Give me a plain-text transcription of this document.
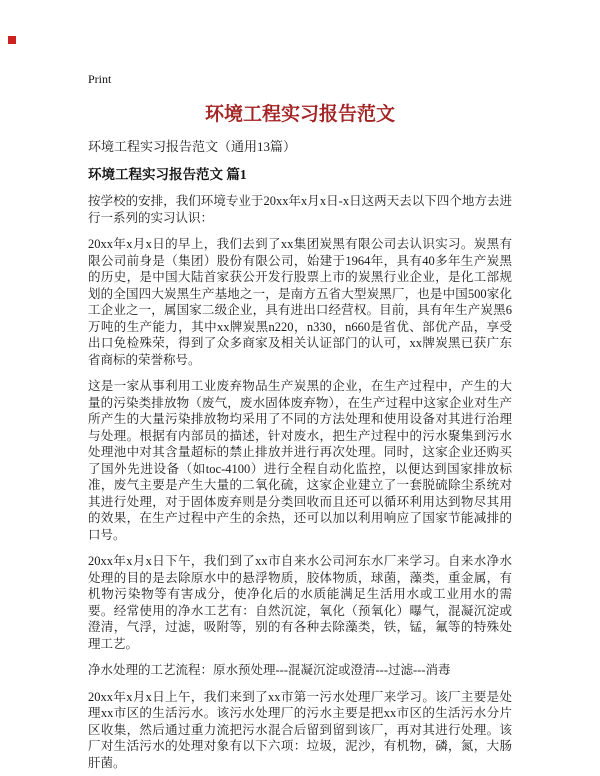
Print
环境工程实习报告范文
环境工程实习报告范文（通用13篇）
环境工程实习报告范文 篇1

按学校的安排，我们环境专业于20xx年x月x日-x日这两天去以下四个地方去进行一系列的实习认识：

20xx年x月x日的早上，我们去到了xx集团炭黑有限公司去认识实习。炭黑有限公司前身是（集团）股份有限公司，始建于1964年，具有40多年生产炭黑的历史，是中国大陆首家获公开发行股票上市的炭黑行业企业，是化工部规划的全国四大炭黑生产基地之一，是南方五省大型炭黑厂，也是中国500家化工企业之一，属国家二级企业，具有进出口经营权。目前，具有年生产炭黑6万吨的生产能力，其中xx牌炭黑n220，n330，n660是省优、部优产品，享受出口免检殊荣，得到了众多商家及相关认证部门的认可，xx牌炭黑已获广东省商标的荣誉称号。

这是一家从事利用工业废弃物品生产炭黑的企业，在生产过程中，产生的大量的污染类排放物（废气，废水固体废弃物），在生产过程中这家企业对生产所产生的大量污染排放物均采用了不同的方法处理和使用设备对其进行治理与处理。根据有内部员的描述，针对废水，把生产过程中的污水聚集到污水处理池中对其含量超标的禁止排放并进行再次处理。同时，这家企业还购买了国外先进设备（如toc-4100）进行全程自动化监控，以便达到国家排放标准，废气主要是产生大量的二氧化硫，这家企业建立了一套脱硫除尘系统对其进行处理，对于固体废弃则是分类回收而且还可以循环利用达到物尽其用的效果，在生产过程中产生的余热，还可以加以利用响应了国家节能减排的口号。

20xx年x月x日下午，我们到了xx市自来水公司河东水厂来学习。自来水净水处理的目的是去除原水中的悬浮物质，胶体物质，球菌，藻类，重金属，有机物污染物等有害成分，使净化后的水质能满足生活用水或工业用水的需要。经常使用的净水工艺有：自然沉淀，氧化（预氧化）曝气，混凝沉淀或澄清，气浮，过滤，吸附等，别的有各种去除藻类，铁，锰，氟等的特殊处理工艺。

净水处理的工艺流程：原水预处理---混凝沉淀或澄清---过滤---消毒

20xx年x月x日上午，我们来到了xx市第一污水处理厂来学习。该厂主要是处理xx市区的生活污水。该污水处理厂的污水主要是把xx市区的生活污水分片区收集，然后通过重力流把污水混合后留到留到该厂，再对其进行处理。该厂对生活污水的处理对象有以下六项：垃圾，泥沙，有机物，磷，氮，大肠肝菌。
